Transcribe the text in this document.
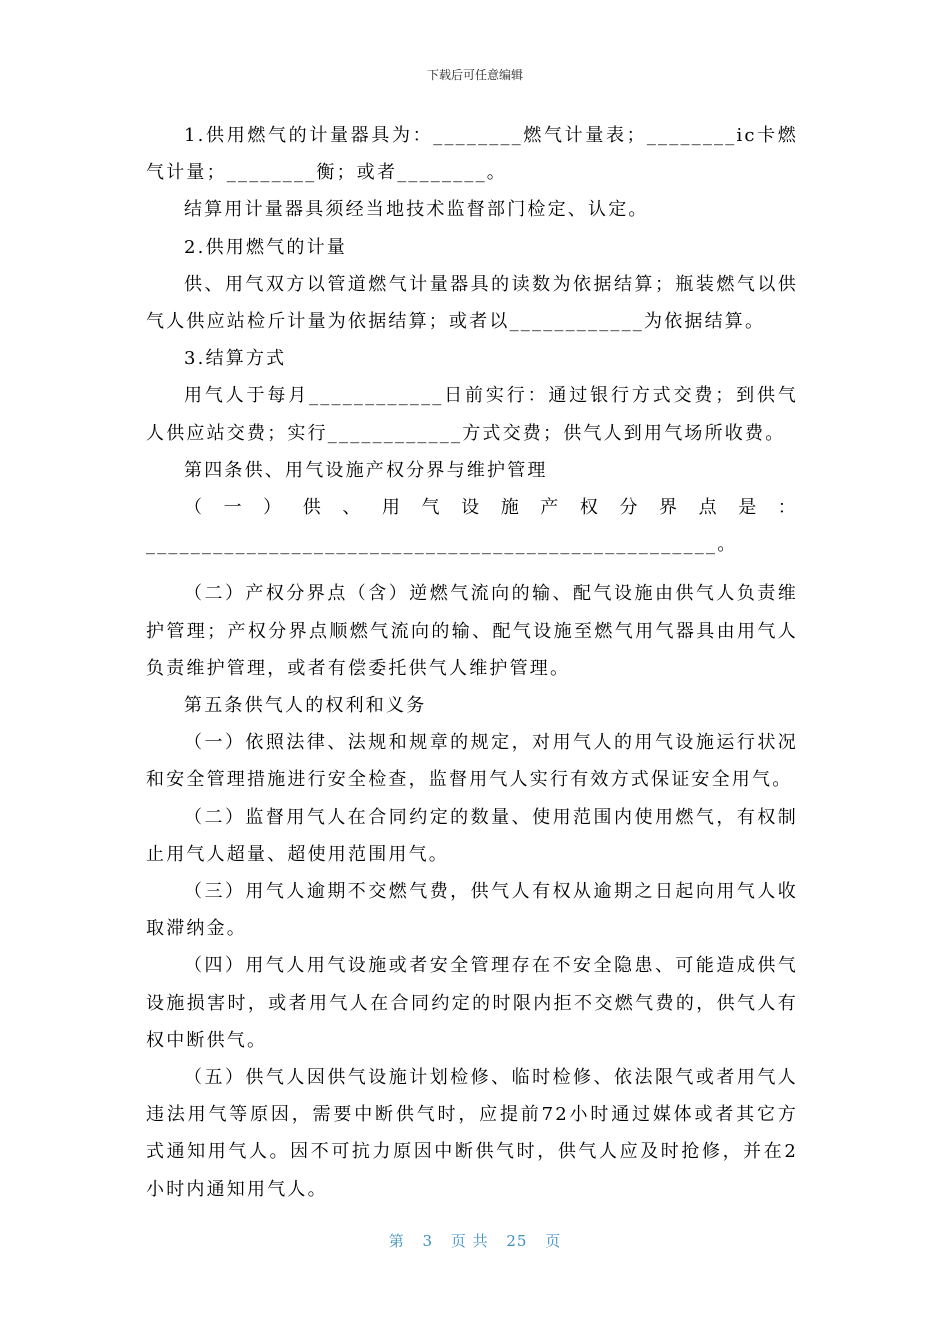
下载后可任意编辑

1.供用燃气的计量器具为：________燃气计量表；________ic卡燃气计量；________衡；或者________。

结算用计量器具须经当地技术监督部门检定、认定。

2.供用燃气的计量

供、用气双方以管道燃气计量器具的读数为依据结算；瓶装燃气以供气人供应站检斤计量为依据结算；或者以____________为依据结算。

3.结算方式

用气人于每月____________日前实行：通过银行方式交费；到供气人供应站交费；实行____________方式交费；供气人到用气场所收费。

第四条供、用气设施产权分界与维护管理

（一）供、用气设施产权分界点是：___________________________________________________。

（二）产权分界点（含）逆燃气流向的输、配气设施由供气人负责维护管理；产权分界点顺燃气流向的输、配气设施至燃气用气器具由用气人负责维护管理，或者有偿委托供气人维护管理。

第五条供气人的权利和义务

（一）依照法律、法规和规章的规定，对用气人的用气设施运行状况和安全管理措施进行安全检查，监督用气人实行有效方式保证安全用气。

（二）监督用气人在合同约定的数量、使用范围内使用燃气，有权制止用气人超量、超使用范围用气。

（三）用气人逾期不交燃气费，供气人有权从逾期之日起向用气人收取滞纳金。

（四）用气人用气设施或者安全管理存在不安全隐患、可能造成供气设施损害时，或者用气人在合同约定的时限内拒不交燃气费的，供气人有权中断供气。

（五）供气人因供气设施计划检修、临时检修、依法限气或者用气人违法用气等原因，需要中断供气时，应提前72小时通过媒体或者其它方式通知用气人。因不可抗力原因中断供气时，供气人应及时抢修，并在2小时内通知用气人。

第 3 页 共 25 页
